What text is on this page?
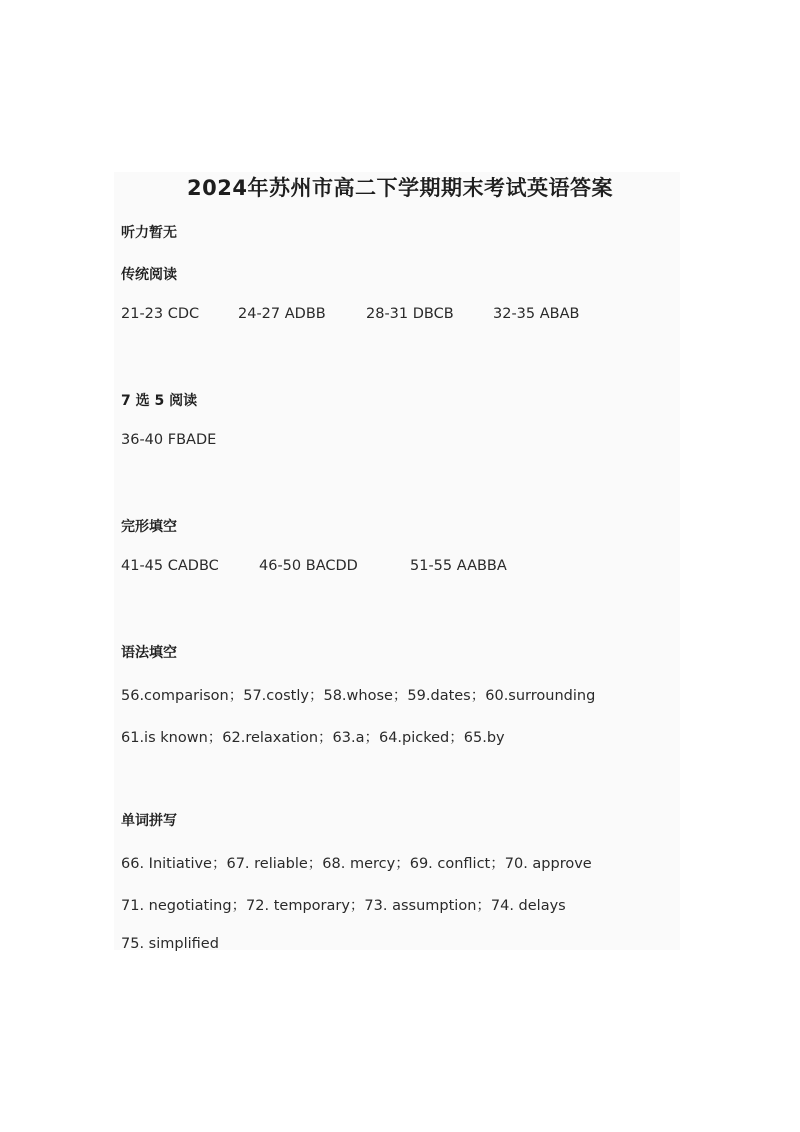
2024年苏州市高二下学期期末考试英语答案
听力暂无
传统阅读
21-23 CDC	24-27 ADBB	28-31 DBCB	32-35 ABAB
7 选 5 阅读
36-40 FBADE
完形填空
41-45 CADBC	46-50 BACDD	51-55 AABBA
语法填空
56.comparison；57.costly；58.whose；59.dates；60.surrounding
61.is known；62.relaxation；63.a；64.picked；65.by
单词拼写
66. Initiative；67. reliable；68. mercy；69. conflict；70. approve
71. negotiating；72. temporary；73. assumption；74. delays
75. simplified
